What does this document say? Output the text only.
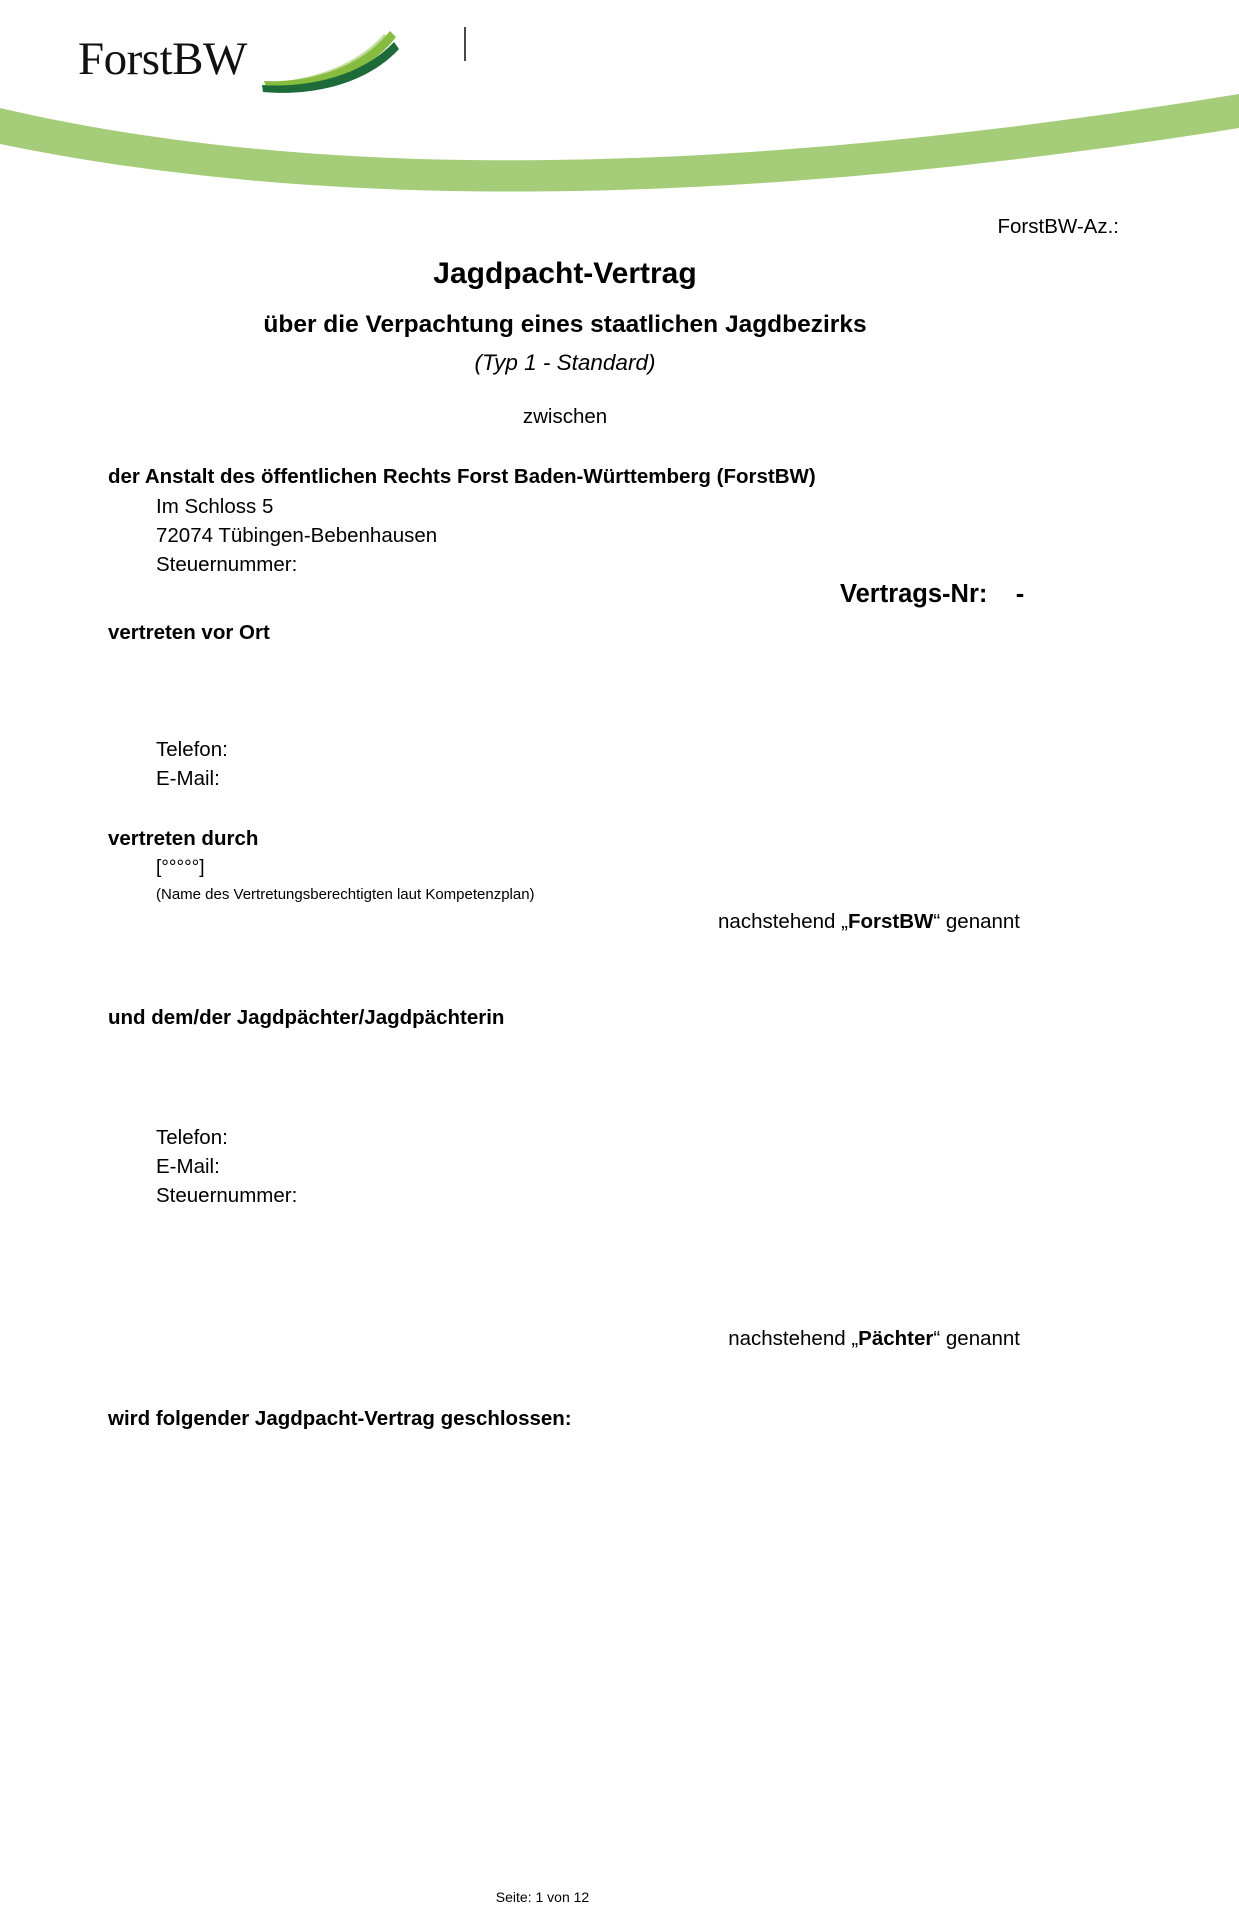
ForstBW
ForstBW-Az.:
Jagdpacht-Vertrag
über die Verpachtung eines staatlichen Jagdbezirks
(Typ 1 - Standard)
zwischen
der Anstalt des öffentlichen Rechts Forst Baden-Württemberg (ForstBW)
Im Schloss 5
72074 Tübingen-Bebenhausen
Steuernummer:
Vertrags-Nr: -
vertreten vor Ort
Telefon:
E-Mail:
vertreten durch
[°°°°°]
(Name des Vertretungsberechtigten laut Kompetenzplan)
nachstehend „ForstBW“ genannt
und dem/der Jagdpächter/Jagdpächterin
Telefon:
E-Mail:
Steuernummer:
nachstehend „Pächter“ genannt
wird folgender Jagdpacht-Vertrag geschlossen:
Seite: 1 von 12
